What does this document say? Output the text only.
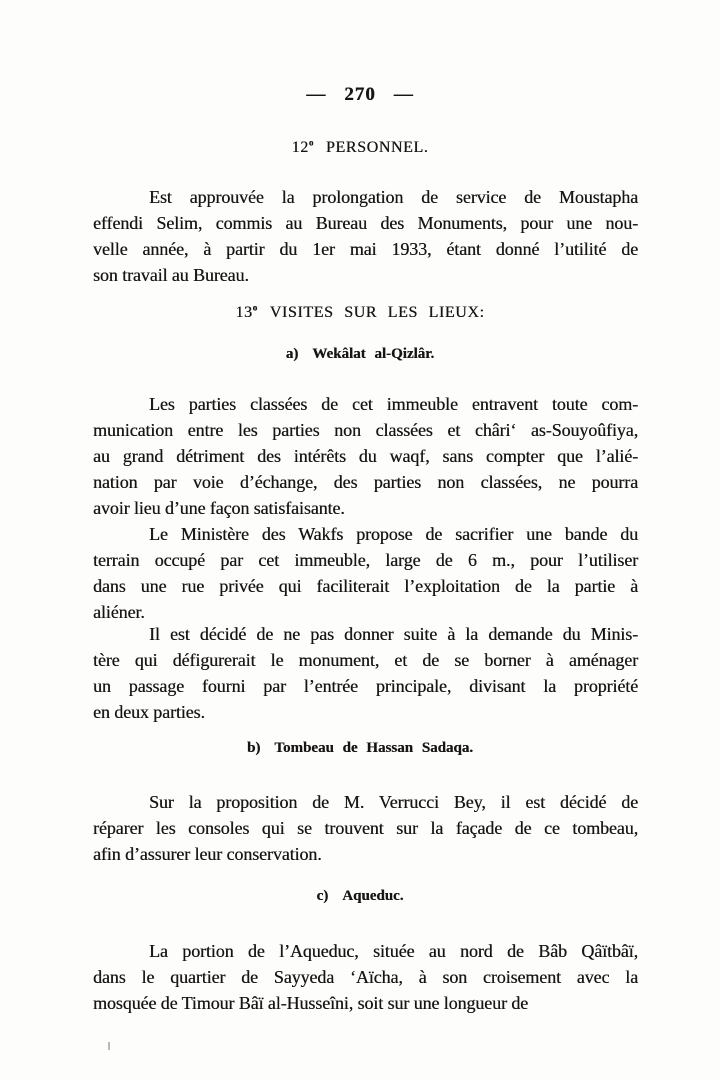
— 270 —
12$^o$ PERSONNEL.
Est approuvée la prolongation de service de Moustapha
effendi Selim, commis au Bureau des Monuments, pour une nou-
velle année, à partir du 1er mai 1933, étant donné l’utilité de
son travail au Bureau.
13$^o$ VISITES SUR LES LIEUX:
a) Wekâlat al-Qizlâr.
Les parties classées de cet immeuble entravent toute com-
munication entre les parties non classées et châri‘ as-Souyoûfiya,
au grand détriment des intérêts du waqf, sans compter que l’alié-
nation par voie d’échange, des parties non classées, ne pourra
avoir lieu d’une façon satisfaisante.
Le Ministère des Wakfs propose de sacrifier une bande du
terrain occupé par cet immeuble, large de 6 m., pour l’utiliser
dans une rue privée qui faciliterait l’exploitation de la partie à
aliéner.
Il est décidé de ne pas donner suite à la demande du Minis-
tère qui défigurerait le monument, et de se borner à aménager
un passage fourni par l’entrée principale, divisant la propriété
en deux parties.
b) Tombeau de Hassan Sadaqa.
Sur la proposition de M. Verrucci Bey, il est décidé de
réparer les consoles qui se trouvent sur la façade de ce tombeau,
afin d’assurer leur conservation.
c) Aqueduc.
La portion de l’Aqueduc, située au nord de Bâb Qâïtbâï,
dans le quartier de Sayyeda ‘Aïcha, à son croisement avec la
mosquée de Timour Bâï al-Husseîni, soit sur une longueur de
